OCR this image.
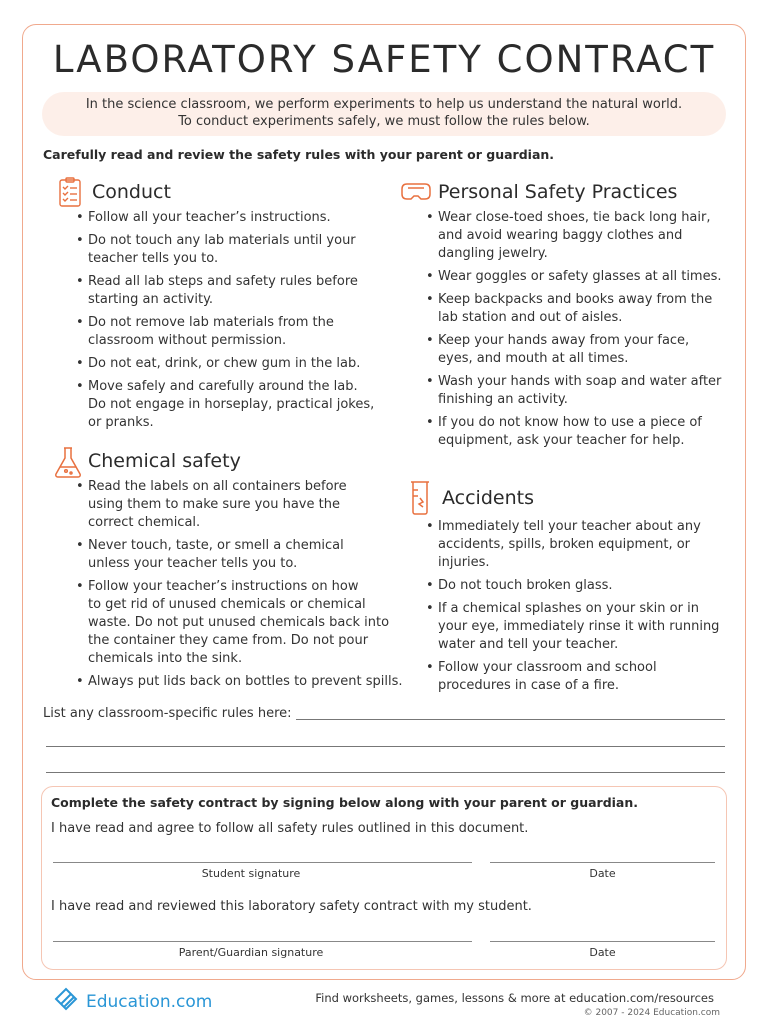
LABORATORY SAFETY CONTRACT
In the science classroom, we perform experiments to help us understand the natural world.
To conduct experiments safely, we must follow the rules below.
Carefully read and review the safety rules with your parent or guardian.
Conduct
• Follow all your teacher’s instructions.
• Do not touch any lab materials until your
teacher tells you to.
• Read all lab steps and safety rules before
starting an activity.
• Do not remove lab materials from the
classroom without permission.
• Do not eat, drink, or chew gum in the lab.
• Move safely and carefully around the lab.
Do not engage in horseplay, practical jokes,
or pranks.
Chemical safety
• Read the labels on all containers before
using them to make sure you have the
correct chemical.
• Never touch, taste, or smell a chemical
unless your teacher tells you to.
• Follow your teacher’s instructions on how
to get rid of unused chemicals or chemical
waste. Do not put unused chemicals back into
the container they came from. Do not pour
chemicals into the sink.
• Always put lids back on bottles to prevent spills.
Personal Safety Practices
• Wear close-toed shoes, tie back long hair,
and avoid wearing baggy clothes and
dangling jewelry.
• Wear goggles or safety glasses at all times.
• Keep backpacks and books away from the
lab station and out of aisles.
• Keep your hands away from your face,
eyes, and mouth at all times.
• Wash your hands with soap and water after
finishing an activity.
• If you do not know how to use a piece of
equipment, ask your teacher for help.
Accidents
• Immediately tell your teacher about any
accidents, spills, broken equipment, or
injuries.
• Do not touch broken glass.
• If a chemical splashes on your skin or in
your eye, immediately rinse it with running
water and tell your teacher.
• Follow your classroom and school
procedures in case of a fire.
List any classroom-specific rules here:
Complete the safety contract by signing below along with your parent or guardian.
I have read and agree to follow all safety rules outlined in this document.
Student signature	Date
I have read and reviewed this laboratory safety contract with my student.
Parent/Guardian signature	Date
Education.com	Find worksheets, games, lessons & more at education.com/resources
© 2007 - 2024 Education.com
